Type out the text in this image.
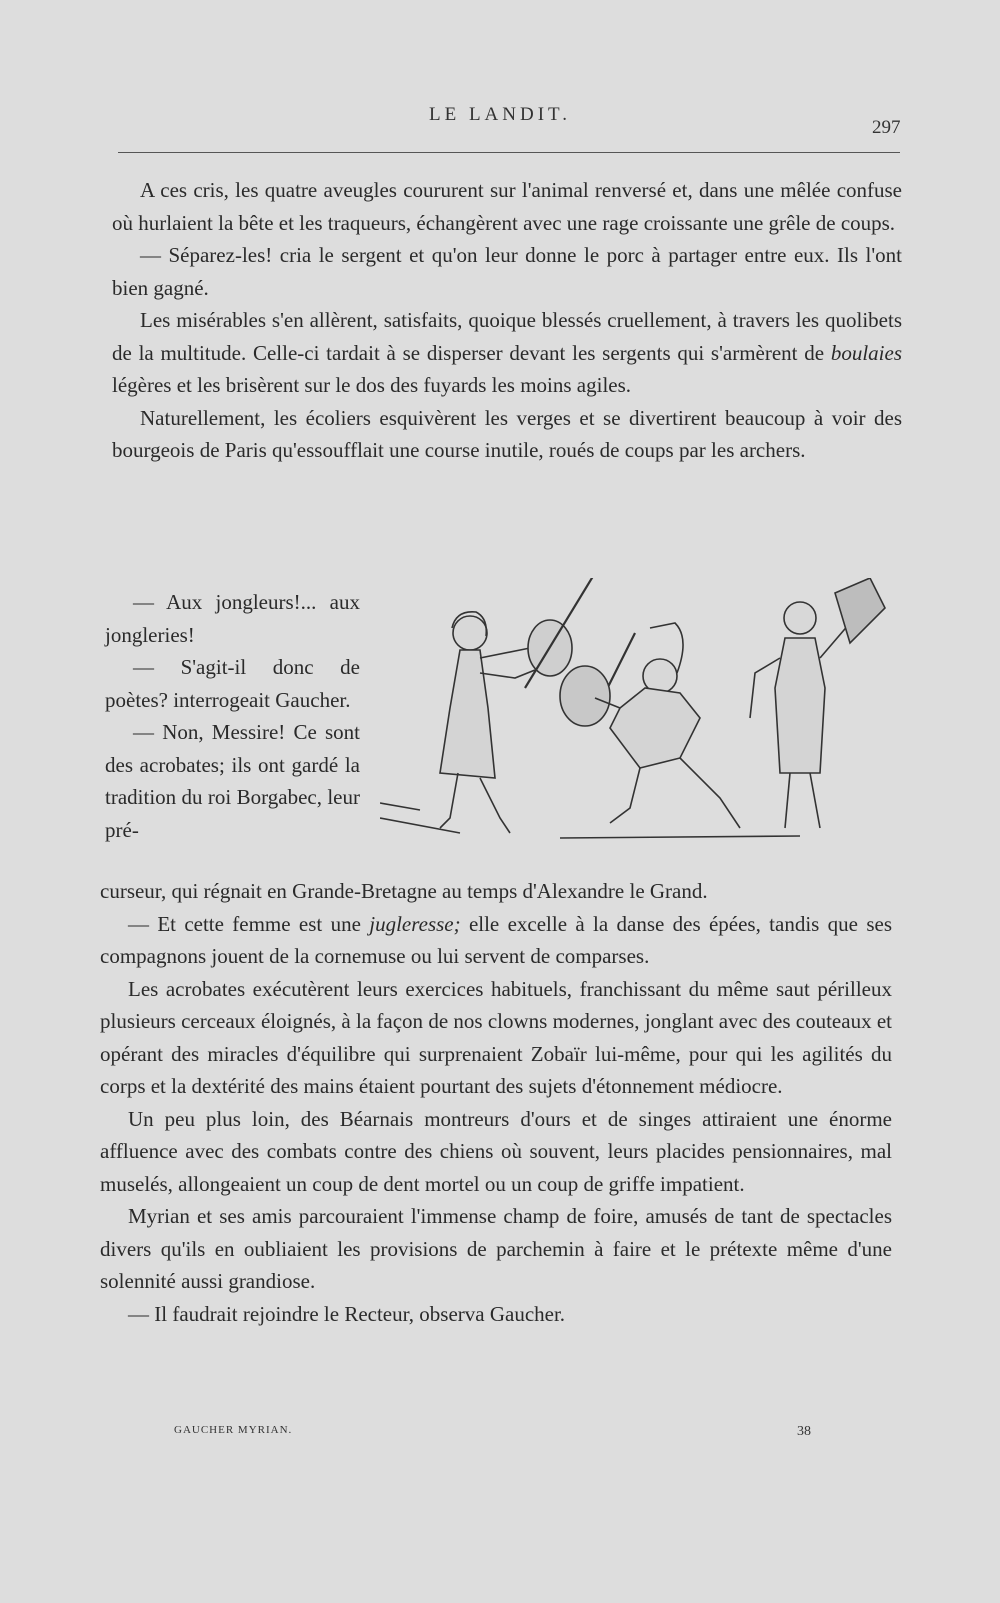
LE LANDIT.
297

A ces cris, les quatre aveugles coururent sur l'animal renversé et, dans une mêlée confuse où hurlaient la bête et les traqueurs, échangèrent avec une rage croissante une grêle de coups.

— Séparez-les! cria le sergent et qu'on leur donne le porc à partager entre eux. Ils l'ont bien gagné.

Les misérables s'en allèrent, satisfaits, quoique blessés cruellement, à travers les quolibets de la multitude. Celle-ci tardait à se disperser devant les sergents qui s'armèrent de boulaies légères et les brisèrent sur le dos des fuyards les moins agiles.

Naturellement, les écoliers esquivèrent les verges et se divertirent beaucoup à voir des bourgeois de Paris qu'essoufflait une course inutile, roués de coups par les archers.

— Aux jongleurs!... aux jongleries!

— S'agit-il donc de poètes? interrogeait Gaucher.

— Non, Messire! Ce sont des acrobates; ils ont gardé la tradition du roi Borgabec, leur pré-

curseur, qui régnait en Grande-Bretagne au temps d'Alexandre le Grand.

— Et cette femme est une jugleresse; elle excelle à la danse des épées, tandis que ses compagnons jouent de la cornemuse ou lui servent de comparses.

Les acrobates exécutèrent leurs exercices habituels, franchissant du même saut périlleux plusieurs cerceaux éloignés, à la façon de nos clowns modernes, jonglant avec des couteaux et opérant des miracles d'équilibre qui surprenaient Zobaïr lui-même, pour qui les agilités du corps et la dextérité des mains étaient pourtant des sujets d'étonnement médiocre.

Un peu plus loin, des Béarnais montreurs d'ours et de singes attiraient une énorme affluence avec des combats contre des chiens où souvent, leurs placides pensionnaires, mal muselés, allongeaient un coup de dent mortel ou un coup de griffe impatient.

Myrian et ses amis parcouraient l'immense champ de foire, amusés de tant de spectacles divers qu'ils en oubliaient les provisions de parchemin à faire et le prétexte même d'une solennité aussi grandiose.

— Il faudrait rejoindre le Recteur, observa Gaucher.

GAUCHER MYRIAN.	38
